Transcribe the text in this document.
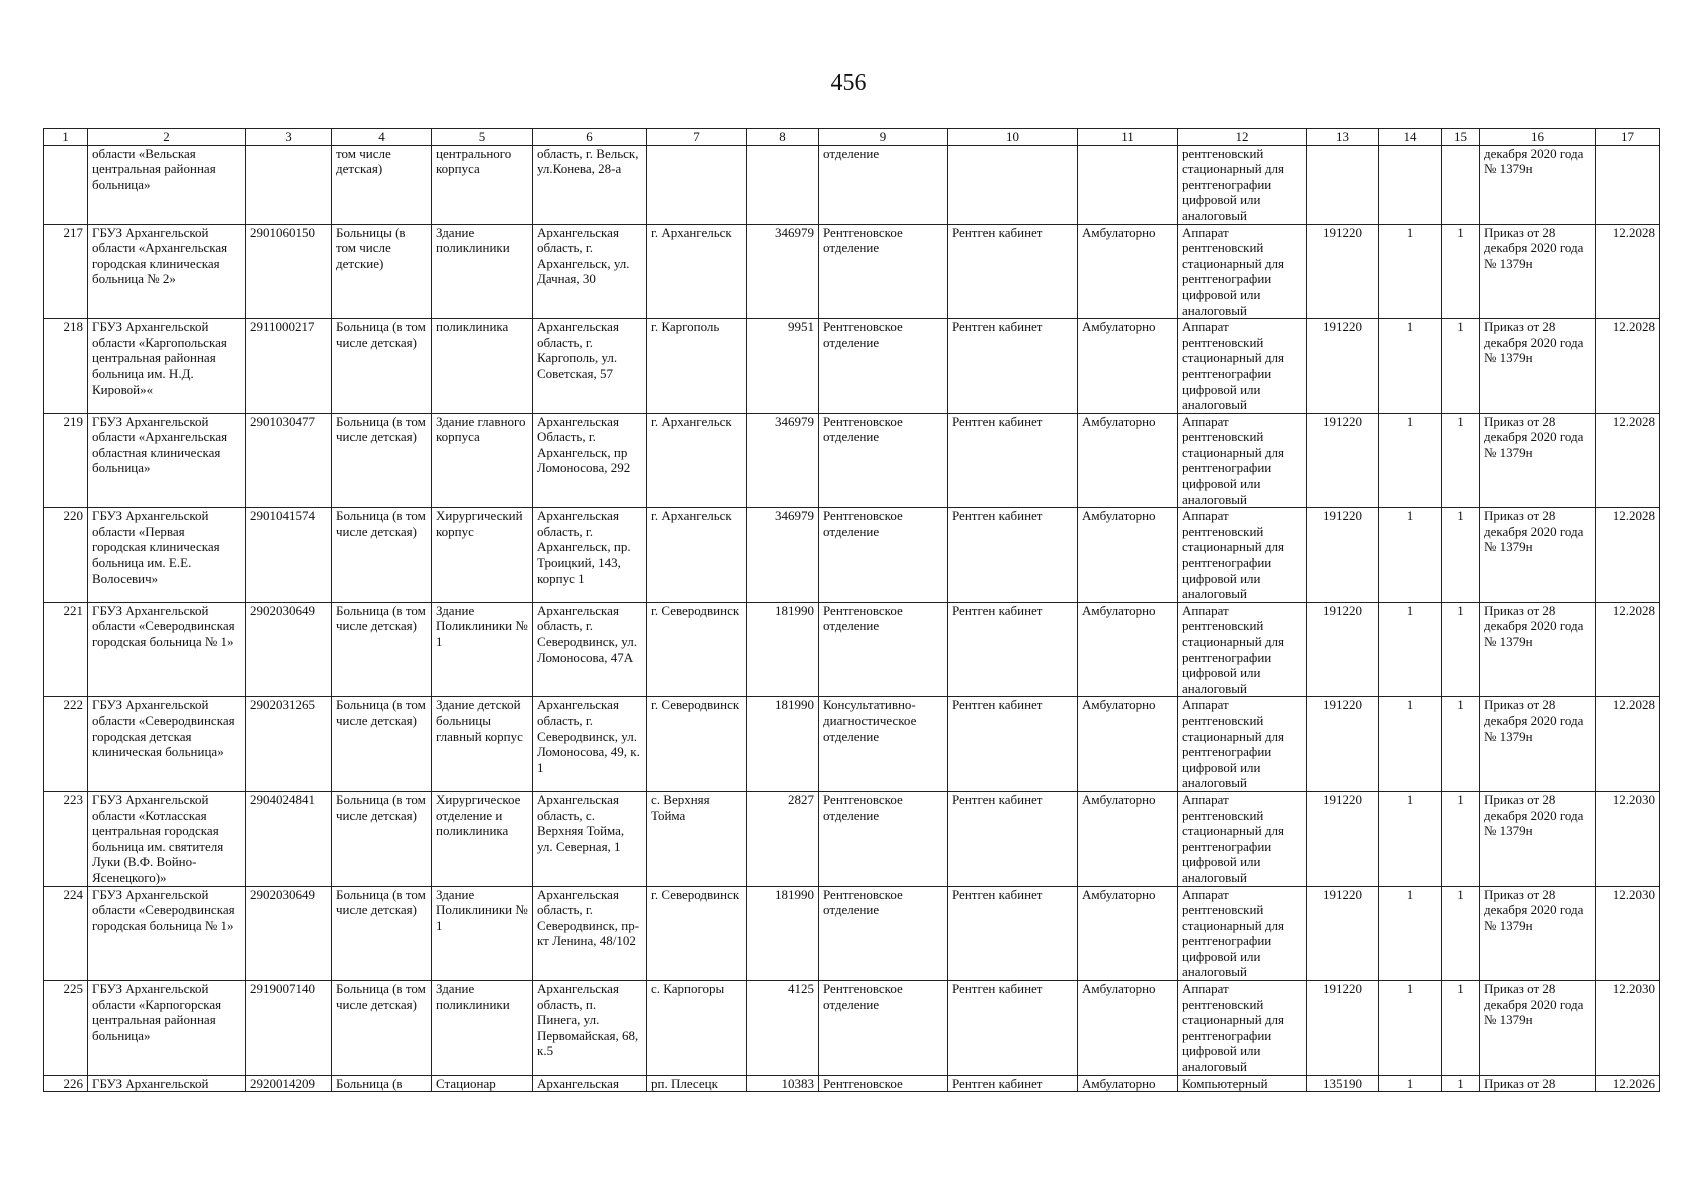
456
1	2	3	4	5	6	7	8	9	10	11	12	13	14	15	16	17
	области «Вельская центральная районная больница»		том числе детская)	центрального корпуса	область, г. Вельск, ул.Конева, 28-а			отделение			рентгеновский стационарный для рентгенографии цифровой или аналоговый				декабря 2020 года № 1379н	
217	ГБУЗ Архангельской области «Архангельская городская клиническая больница № 2»	2901060150	Больницы (в том числе детские)	Здание поликлиники	Архангельская область, г. Архангельск, ул. Дачная, 30	г. Архангельск	346979	Рентгеновское отделение	Рентген кабинет	Амбулаторно	Аппарат рентгеновский стационарный для рентгенографии цифровой или аналоговый	191220	1	1	Приказ от 28 декабря 2020 года № 1379н	12.2028
218	ГБУЗ Архангельской области «Каргопольская центральная районная больница им. Н.Д. Кировой»«	2911000217	Больница (в том числе детская)	поликлиника	Архангельская область, г. Каргополь, ул. Советская, 57	г. Каргополь	9951	Рентгеновское отделение	Рентген кабинет	Амбулаторно	Аппарат рентгеновский стационарный для рентгенографии цифровой или аналоговый	191220	1	1	Приказ от 28 декабря 2020 года № 1379н	12.2028
219	ГБУЗ Архангельской области «Архангельская областная клиническая больница»	2901030477	Больница (в том числе детская)	Здание главного корпуса	Архангельская Область, г. Архангельск, пр Ломоносова, 292	г. Архангельск	346979	Рентгеновское отделение	Рентген кабинет	Амбулаторно	Аппарат рентгеновский стационарный для рентгенографии цифровой или аналоговый	191220	1	1	Приказ от 28 декабря 2020 года № 1379н	12.2028
220	ГБУЗ Архангельской области «Первая городская клиническая больница им. Е.Е. Волосевич»	2901041574	Больница (в том числе детская)	Хирургический корпус	Архангельская область, г. Архангельск, пр. Троицкий, 143, корпус 1	г. Архангельск	346979	Рентгеновское отделение	Рентген кабинет	Амбулаторно	Аппарат рентгеновский стационарный для рентгенографии цифровой или аналоговый	191220	1	1	Приказ от 28 декабря 2020 года № 1379н	12.2028
221	ГБУЗ Архангельской области «Северодвинская городская больница № 1»	2902030649	Больница (в том числе детская)	Здание Поликлиники № 1	Архангельская область, г. Северодвинск, ул. Ломоносова, 47А	г. Северодвинск	181990	Рентгеновское отделение	Рентген кабинет	Амбулаторно	Аппарат рентгеновский стационарный для рентгенографии цифровой или аналоговый	191220	1	1	Приказ от 28 декабря 2020 года № 1379н	12.2028
222	ГБУЗ Архангельской области «Северодвинская городская детская клиническая больница»	2902031265	Больница (в том числе детская)	Здание детской больницы главный корпус	Архангельская область, г. Северодвинск, ул. Ломоносова, 49, к. 1	г. Северодвинск	181990	Консультативно-диагностическое отделение	Рентген кабинет	Амбулаторно	Аппарат рентгеновский стационарный для рентгенографии цифровой или аналоговый	191220	1	1	Приказ от 28 декабря 2020 года № 1379н	12.2028
223	ГБУЗ Архангельской области «Котласская центральная городская больница им. святителя Луки (В.Ф. Войно-Ясенецкого)»	2904024841	Больница (в том числе детская)	Хирургическое отделение и поликлиника	Архангельская область, с. Верхняя Тойма, ул. Северная, 1	с. Верхняя Тойма	2827	Рентгеновское отделение	Рентген кабинет	Амбулаторно	Аппарат рентгеновский стационарный для рентгенографии цифровой или аналоговый	191220	1	1	Приказ от 28 декабря 2020 года № 1379н	12.2030
224	ГБУЗ Архангельской области «Северодвинская городская больница № 1»	2902030649	Больница (в том числе детская)	Здание Поликлиники № 1	Архангельская область, г. Северодвинск, пр-кт Ленина, 48/102	г. Северодвинск	181990	Рентгеновское отделение	Рентген кабинет	Амбулаторно	Аппарат рентгеновский стационарный для рентгенографии цифровой или аналоговый	191220	1	1	Приказ от 28 декабря 2020 года № 1379н	12.2030
225	ГБУЗ Архангельской области «Карпогорская центральная районная больница»	2919007140	Больница (в том числе детская)	Здание поликлиники	Архангельская область, п. Пинега, ул. Первомайская, 68, к.5	с. Карпогоры	4125	Рентгеновское отделение	Рентген кабинет	Амбулаторно	Аппарат рентгеновский стационарный для рентгенографии цифровой или аналоговый	191220	1	1	Приказ от 28 декабря 2020 года № 1379н	12.2030
226	ГБУЗ Архангельской	2920014209	Больница (в	Стационар	Архангельская	рп. Плесецк	10383	Рентгеновское	Рентген кабинет	Амбулаторно	Компьютерный	135190	1	1	Приказ от 28	12.2026
